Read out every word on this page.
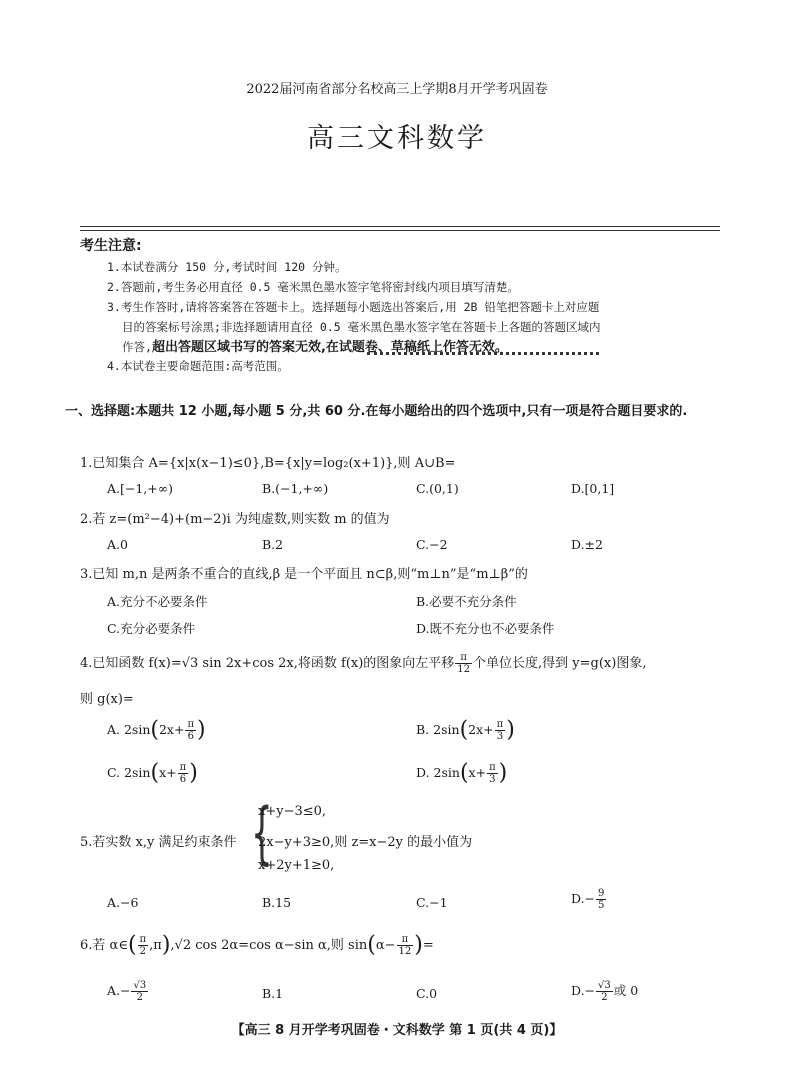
2022届河南省部分名校高三上学期8月开学考巩固卷
高三文科数学
考生注意:
1.本试卷满分 150 分,考试时间 120 分钟。
2.答题前,考生务必用直径 0.5 毫米黑色墨水签字笔将密封线内项目填写清楚。
3.考生作答时,请将答案答在答题卡上。选择题每小题选出答案后,用 2B 铅笔把答题卡上对应题
目的答案标号涂黑;非选择题请用直径 0.5 毫米黑色墨水签字笔在答题卡上各题的答题区域内
作答,超出答题区域书写的答案无效,在试题卷、草稿纸上作答无效。
4.本试卷主要命题范围:高考范围。
一、选择题:本题共 12 小题,每小题 5 分,共 60 分.在每小题给出的四个选项中,只有一项是符合题目要求的.
1.已知集合 A={x|x(x−1)≤0},B={x|y=log₂(x+1)},则 A∪B=
A.[−1,+∞)	B.(−1,+∞)	C.(0,1)	D.[0,1]
2.若 z=(m²−4)+(m−2)i 为纯虚数,则实数 m 的值为
A.0	B.2	C.−2	D.±2
3.已知 m,n 是两条不重合的直线,β 是一个平面且 n⊂β,则“m⊥n”是“m⊥β”的
A.充分不必要条件	B.必要不充分条件
C.充分必要条件	D.既不充分也不必要条件
4.已知函数 f(x)=√3 sin 2x+cos 2x,将函数 f(x)的图象向左平移 $\frac{\pi}{12}$ 个单位长度,得到 y=g(x)图象,
则 g(x)=
A. $2\sin(2x+ \frac{\pi}{6}$ )	B. $2\sin(2x+ \frac{\pi}{3}$ )
C. $2\sin(x+ \frac{\pi}{6}$ )	D. $2\sin(x+ \frac{\pi}{3}$ )
{
x+y−3≤0,
5.若实数 x,y 满足约束条件 2x−y+3≥0,则 z=x−2y 的最小值为
x+2y+1≥0,
A.−6	B.15	C.−1	$D.- \frac{9}{5}$
6.若 α∈( $\frac{\pi}{2} ,\pi),√2$ cos 2α=cos α−sin α,则 $\sin(\alpha- \frac{\pi}{12}$ )=
$A.- \frac{√3}{2}$	B.1	C.0	$D.- \frac{√3}{2}$ 或 0
【高三 8 月开学考巩固卷・文科数学 第 1 页(共 4 页)】
